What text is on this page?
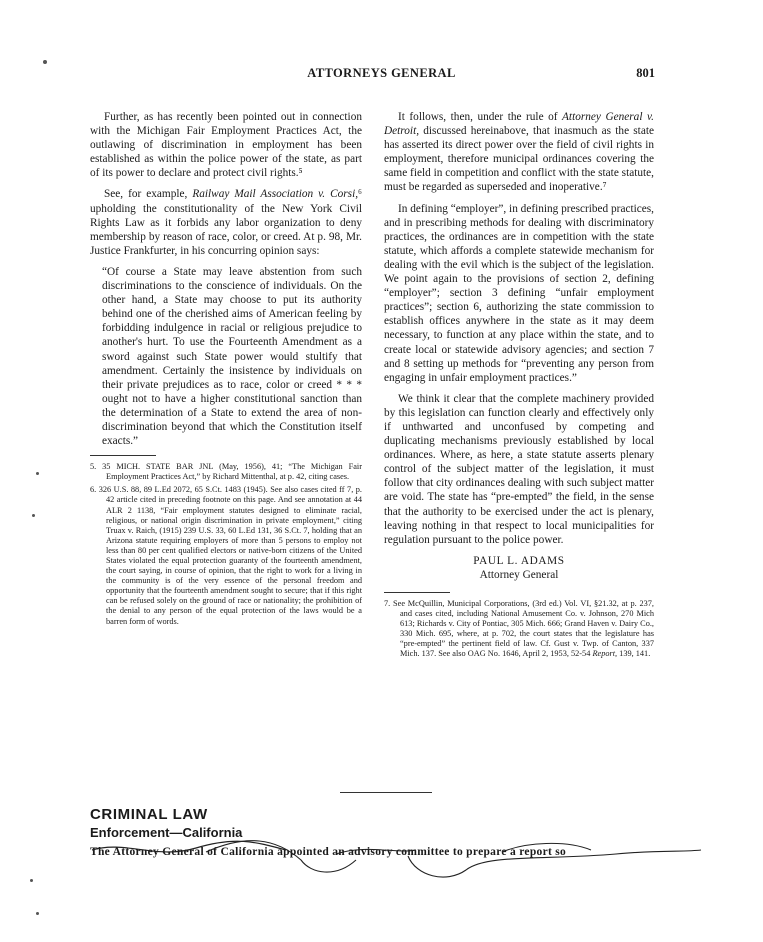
ATTORNEYS GENERAL	801

Further, as has recently been pointed out in connection with the Michigan Fair Employment Practices Act, the outlawing of discrimination in employment has been established as within the police power of the state, as part of its power to declare and protect civil rights.⁵

See, for example, Railway Mail Association v. Corsi,⁶ upholding the constitutionality of the New York Civil Rights Law as it forbids any labor organization to deny membership by reason of race, color, or creed. At p. 98, Mr. Justice Frankfurter, in his concurring opinion says:

“Of course a State may leave abstention from such discriminations to the conscience of individuals. On the other hand, a State may choose to put its authority behind one of the cherished aims of American feeling by forbidding indulgence in racial or religious prejudice to another's hurt. To use the Fourteenth Amendment as a sword against such State power would stultify that amendment. Certainly the insistence by individuals on their private prejudices as to race, color or creed * * * ought not to have a higher constitutional sanction than the determination of a State to extend the area of non-discrimination beyond that which the Constitution itself exacts.”

5. 35 MICH. STATE BAR JNL (May, 1956), 41; “The Michigan Fair Employment Practices Act,” by Richard Mittenthal, at p. 42, citing cases.
6. 326 U.S. 88, 89 L.Ed 2072, 65 S.Ct. 1483 (1945). See also cases cited ff 7, p. 42 article cited in preceding footnote on this page. And see annotation at 44 ALR 2 1138, “Fair employment statutes designed to eliminate racial, religious, or national origin discrimination in private employment,” citing Truax v. Raich, (1915) 239 U.S. 33, 60 L.Ed 131, 36 S.Ct. 7, holding that an Arizona statute requiring employers of more than 5 persons to employ not less than 80 per cent qualified electors or native-born citizens of the United States violated the equal protection guaranty of the fourteenth amendment, the court saying, in course of opinion, that the right to work for a living in the community is of the very essence of the personal freedom and opportunity that the fourteenth amendment sought to secure; that if this right can be refused solely on the ground of race or nationality; the prohibition of the denial to any person of the equal protection of the laws would be a barren form of words.

It follows, then, under the rule of Attorney General v. Detroit, discussed hereinabove, that inasmuch as the state has asserted its direct power over the field of civil rights in employment, therefore municipal ordinances covering the same field in competition and conflict with the state statute, must be regarded as superseded and inoperative.⁷

In defining “employer”, in defining prescribed practices, and in prescribing methods for dealing with discriminatory practices, the ordinances are in competition with the state statute, which affords a complete statewide mechanism for dealing with the evil which is the subject of the legislation. We point again to the provisions of section 2, defining “employer”; section 3 defining “unfair employment practices”; section 6, authorizing the state commission to establish offices anywhere in the state as it may deem necessary, to function at any place within the state, and to create local or statewide advisory agencies; and section 7 and 8 setting up methods for “preventing any person from engaging in unfair employment practices.”

We think it clear that the complete machinery provided by this legislation can function clearly and effectively only if unthwarted and unconfused by competing and duplicating mechanisms previously established by local ordinances. Where, as here, a state statute asserts plenary control of the subject matter of the legislation, it must follow that city ordinances dealing with such subject matter are void. The state has “pre-empted” the field, in the sense that the authority to be exercised under the act is plenary, leaving nothing in that respect to local municipalities for regulation pursuant to the police power.

PAUL L. ADAMS
Attorney General
7. See McQuillin, Municipal Corporations, (3rd ed.) Vol. VI, §21.32, at p. 237, and cases cited, including National Amusement Co. v. Johnson, 270 Mich 613; Richards v. City of Pontiac, 305 Mich. 666; Grand Haven v. Dairy Co., 330 Mich. 695, where, at p. 702, the court states that the legislature has “pre-empted” the pertinent field of law. Cf. Gust v. Twp. of Canton, 337 Mich. 137. See also OAG No. 1646, April 2, 1953, 52-54 Report, 139, 141.
CRIMINAL LAW
Enforcement—California
The Attorney General of California appointed an advisory committee to prepare a report so
